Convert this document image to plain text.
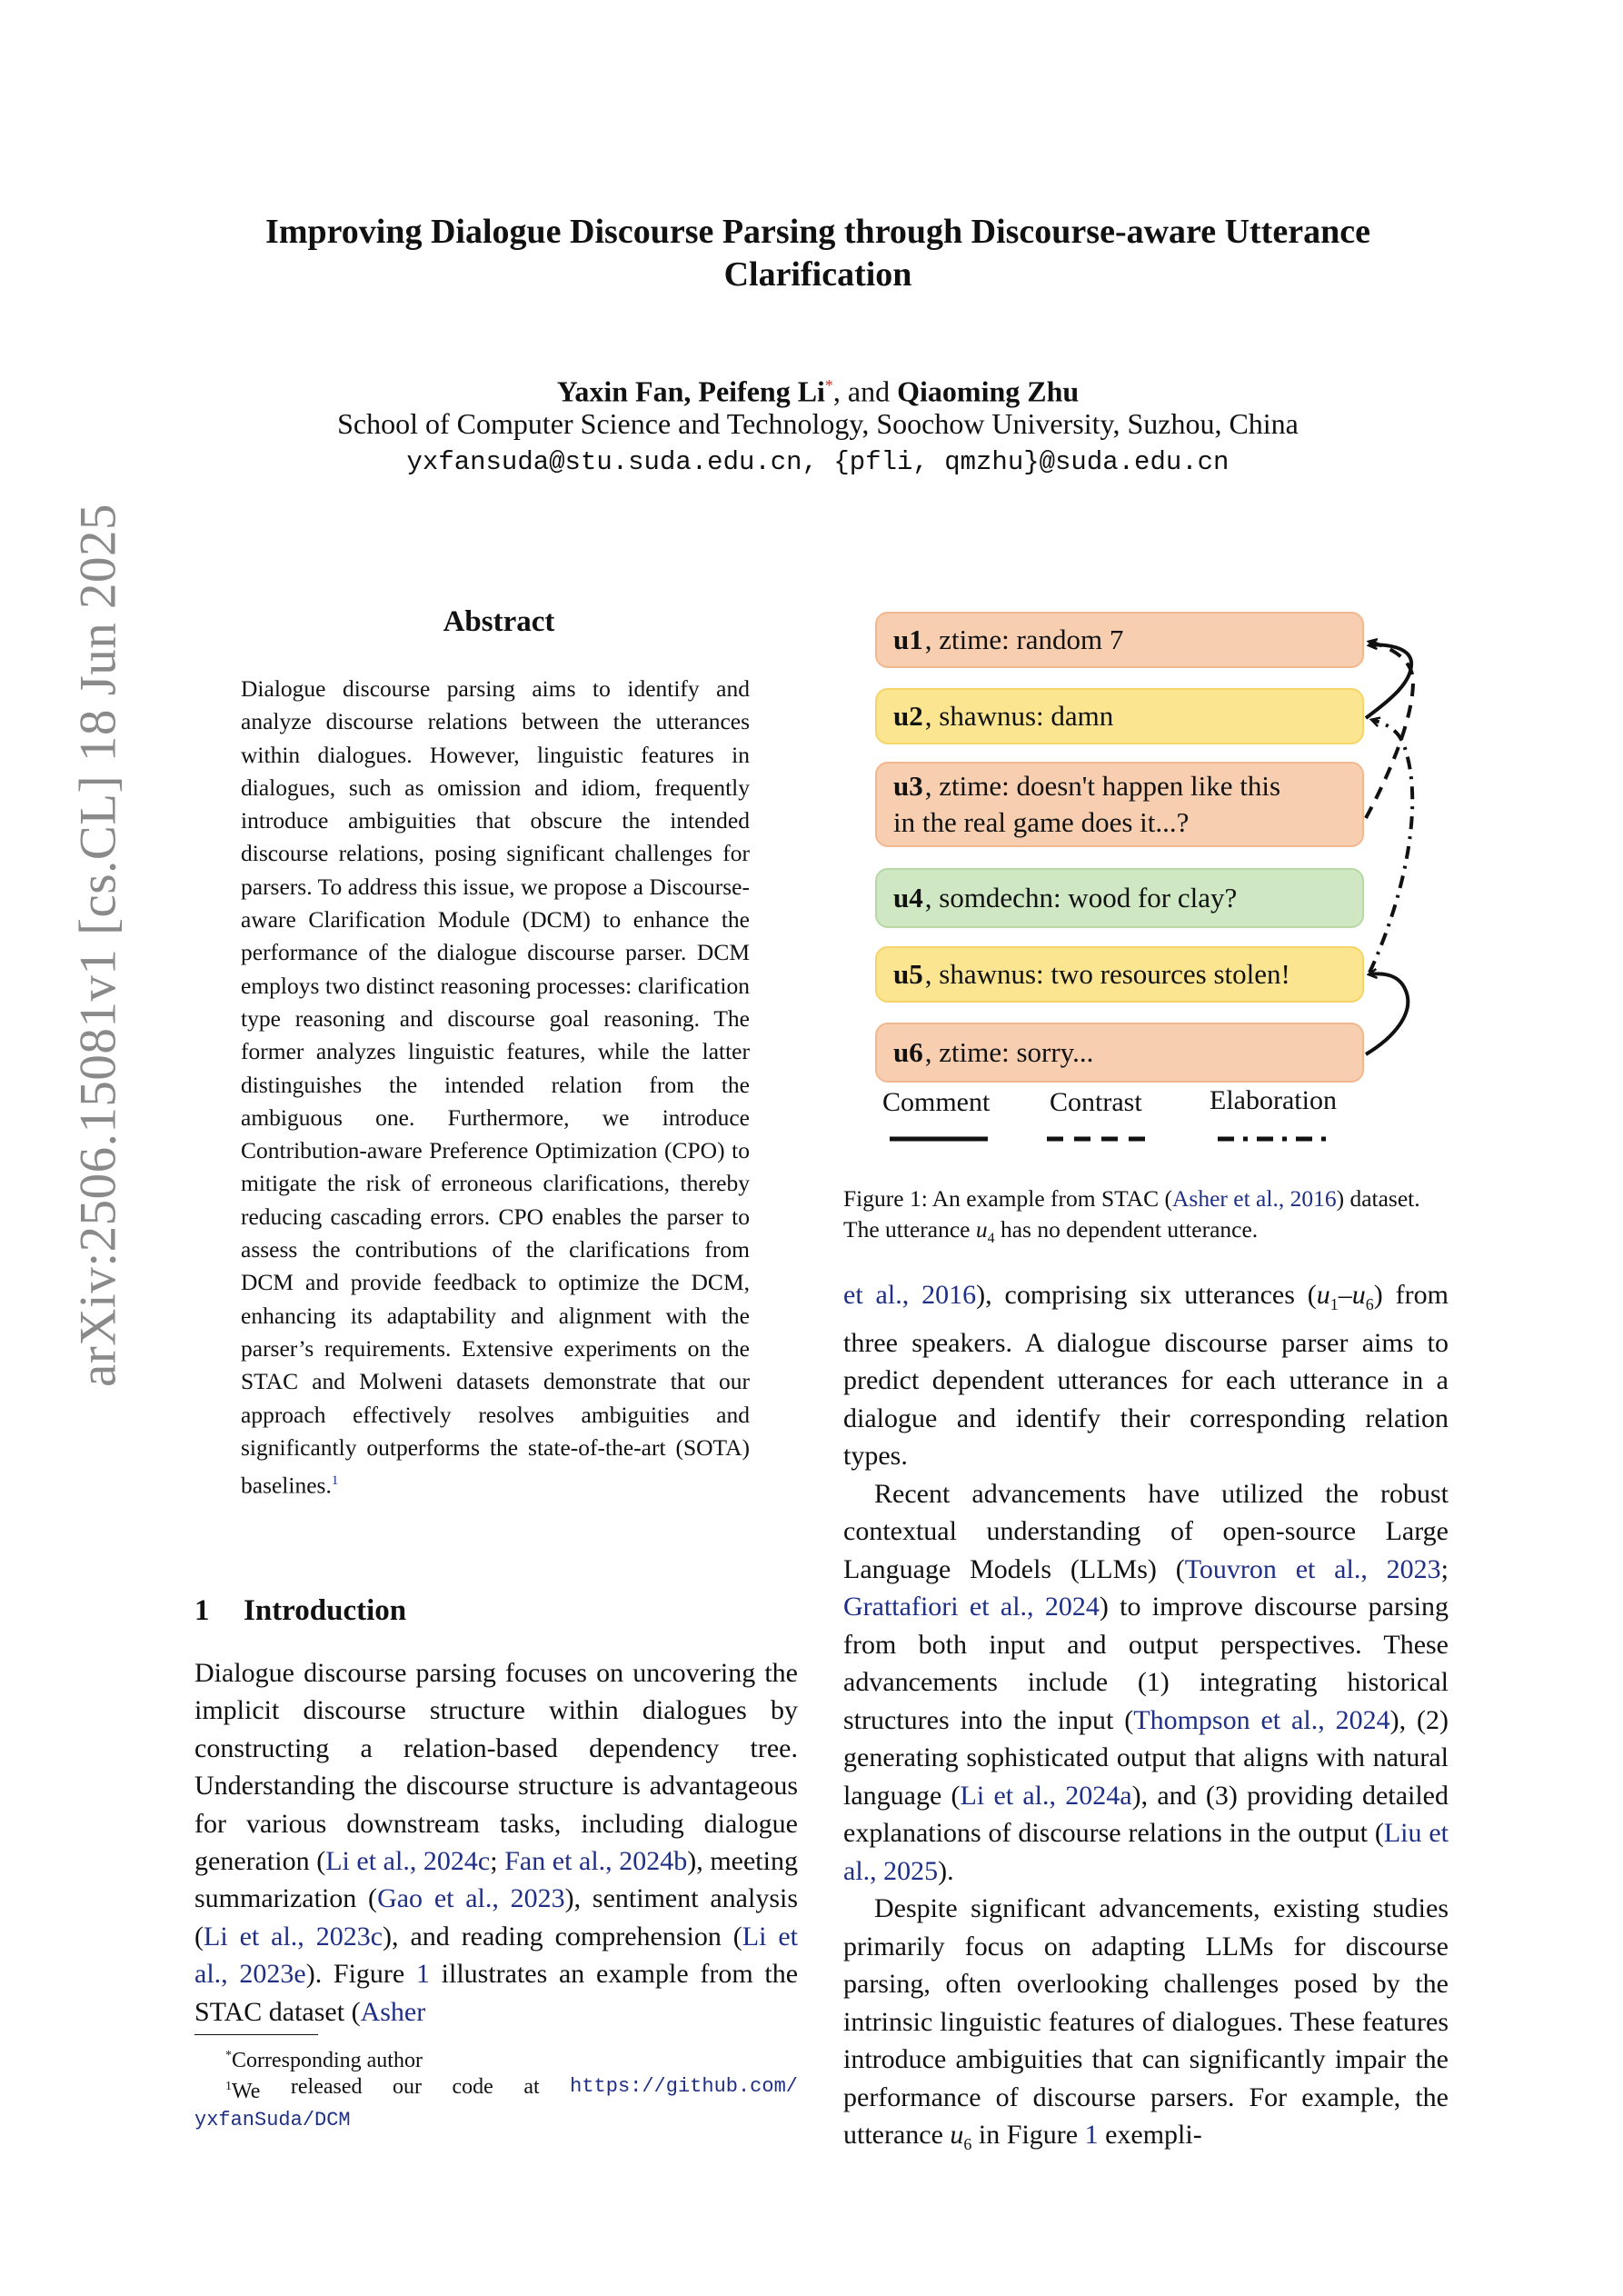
arXiv:2506.15081v1 [cs.CL] 18 Jun 2025
Improving Dialogue Discourse Parsing through Discourse-aware Utterance
Clarification
Yaxin Fan, Peifeng Li*, and Qiaoming Zhu
School of Computer Science and Technology, Soochow University, Suzhou, China
yxfansuda@stu.suda.edu.cn, {pfli, qmzhu}@suda.edu.cn
Abstract

Dialogue discourse parsing aims to identify and analyze discourse relations between the utterances within dialogues. However, linguistic features in dialogues, such as omission and idiom, frequently introduce ambiguities that obscure the intended discourse relations, posing significant challenges for parsers. To address this issue, we propose a Discourse-aware Clarification Module (DCM) to enhance the performance of the dialogue discourse parser. DCM employs two distinct reasoning processes: clarification type reasoning and discourse goal reasoning. The former analyzes linguistic features, while the latter distinguishes the intended relation from the ambiguous one. Furthermore, we introduce Contribution-aware Preference Optimization (CPO) to mitigate the risk of erroneous clarifications, thereby reducing cascading errors. CPO enables the parser to assess the contributions of the clarifications from DCM and provide feedback to optimize the DCM, enhancing its adaptability and alignment with the parser’s requirements. Extensive experiments on the STAC and Molweni datasets demonstrate that our approach effectively resolves ambiguities and significantly outperforms the state-of-the-art (SOTA) baselines.$^1$

1 Introduction

Dialogue discourse parsing focuses on uncovering the implicit discourse structure within dialogues by constructing a relation-based dependency tree. Understanding the discourse structure is advantageous for various downstream tasks, including dialogue generation (Li et al., 2024c; Fan et al., 2024b), meeting summarization (Gao et al., 2023), sentiment analysis (Li et al., 2023c), and reading comprehension (Li et al., 2023e). Figure 1 illustrates an example from the STAC dataset (Asher

*Corresponding author
$^1$We released our code at https://github.com/
yxfanSuda/DCM
u1, ztime: random 7
u2, shawnus: damn
u3, ztime: doesn't happen like this
in the real game does it...?
u4, somdechn: wood for clay?
u5, shawnus: two resources stolen!
u6, ztime: sorry...
Comment Contrast Elaboration

Figure 1: An example from STAC (Asher et al., 2016) dataset. The utterance $u_4$ has no dependent utterance.

et al., 2016), comprising six utterances $(u_1-u_6)$ from three speakers. A dialogue discourse parser aims to predict dependent utterances for each utterance in a dialogue and identify their corresponding relation types.

Recent advancements have utilized the robust contextual understanding of open-source Large Language Models (LLMs) (Touvron et al., 2023; Grattafiori et al., 2024) to improve discourse parsing from both input and output perspectives. These advancements include (1) integrating historical structures into the input (Thompson et al., 2024), (2) generating sophisticated output that aligns with natural language (Li et al., 2024a), and (3) providing detailed explanations of discourse relations in the output (Liu et al., 2025).

Despite significant advancements, existing studies primarily focus on adapting LLMs for discourse parsing, often overlooking challenges posed by the intrinsic linguistic features of dialogues. These features introduce ambiguities that can significantly impair the performance of discourse parsers. For example, the utterance $u_6$ in Figure 1 exempli-
